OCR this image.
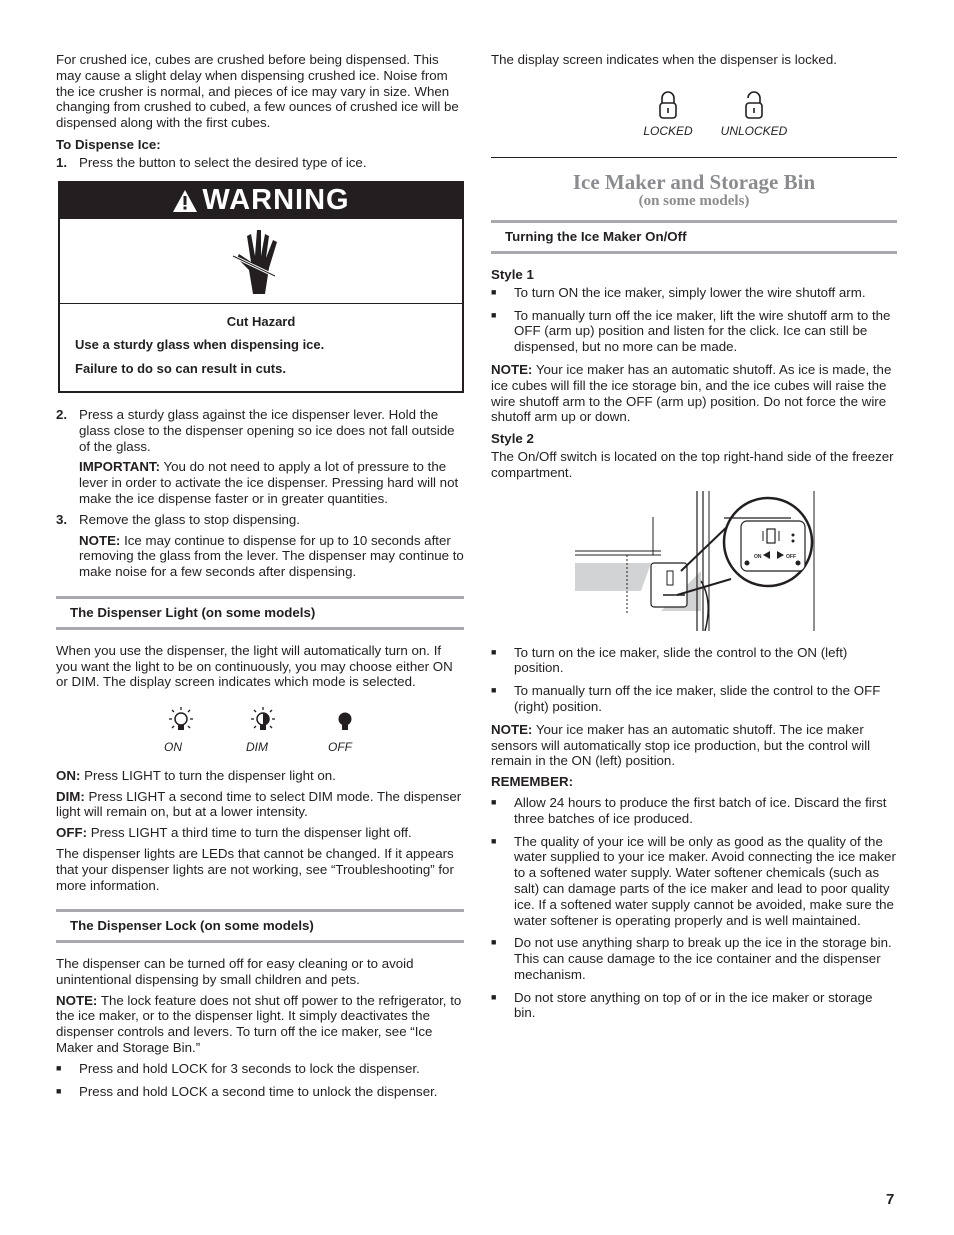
For crushed ice, cubes are crushed before being dispensed. This may cause a slight delay when dispensing crushed ice. Noise from the ice crusher is normal, and pieces of ice may vary in size. When changing from crushed to cubed, a few ounces of crushed ice will be dispensed along with the first cubes.

To Dispense Ice:
1. Press the button to select the desired type of ice.
WARNING
Cut Hazard
Use a sturdy glass when dispensing ice.
Failure to do so can result in cuts.
2. Press a sturdy glass against the ice dispenser lever. Hold the glass close to the dispenser opening so ice does not fall outside of the glass.

IMPORTANT: You do not need to apply a lot of pressure to the lever in order to activate the ice dispenser. Pressing hard will not make the ice dispense faster or in greater quantities.

3. Remove the glass to stop dispensing.

NOTE: Ice may continue to dispense for up to 10 seconds after removing the glass from the lever. The dispenser may continue to make noise for a few seconds after dispensing.

The Dispenser Light (on some models)

When you use the dispenser, the light will automatically turn on. If you want the light to be on continuously, you may choose either ON or DIM. The display screen indicates which mode is selected.

ON	DIM	OFF

ON: Press LIGHT to turn the dispenser light on.

DIM: Press LIGHT a second time to select DIM mode. The dispenser light will remain on, but at a lower intensity.

OFF: Press LIGHT a third time to turn the dispenser light off.

The dispenser lights are LEDs that cannot be changed. If it appears that your dispenser lights are not working, see “Troubleshooting” for more information.

The Dispenser Lock (on some models)

The dispenser can be turned off for easy cleaning or to avoid unintentional dispensing by small children and pets.

NOTE: The lock feature does not shut off power to the refrigerator, to the ice maker, or to the dispenser light. It simply deactivates the dispenser controls and levers. To turn off the ice maker, see “Ice Maker and Storage Bin.”

■	Press and hold LOCK for 3 seconds to lock the dispenser.
■	Press and hold LOCK a second time to unlock the dispenser.

The display screen indicates when the dispenser is locked.

LOCKED	UNLOCKED
Ice Maker and Storage Bin
(on some models)
Turning the Ice Maker On/Off
Style 1
■	To turn ON the ice maker, simply lower the wire shutoff arm.
■	To manually turn off the ice maker, lift the wire shutoff arm to the OFF (arm up) position and listen for the click. Ice can still be dispensed, but no more can be made.

NOTE: Your ice maker has an automatic shutoff. As ice is made, the ice cubes will fill the ice storage bin, and the ice cubes will raise the wire shutoff arm to the OFF (arm up) position. Do not force the wire shutoff arm up or down.

Style 2

The On/Off switch is located on the top right-hand side of the freezer compartment.

ON	OFF
■	To turn on the ice maker, slide the control to the ON (left) position.
■	To manually turn off the ice maker, slide the control to the OFF (right) position.

NOTE: Your ice maker has an automatic shutoff. The ice maker sensors will automatically stop ice production, but the control will remain in the ON (left) position.

REMEMBER:
■	Allow 24 hours to produce the first batch of ice. Discard the first three batches of ice produced.
■	The quality of your ice will be only as good as the quality of the water supplied to your ice maker. Avoid connecting the ice maker to a softened water supply. Water softener chemicals (such as salt) can damage parts of the ice maker and lead to poor quality ice. If a softened water supply cannot be avoided, make sure the water softener is operating properly and is well maintained.
■	Do not use anything sharp to break up the ice in the storage bin. This can cause damage to the ice container and the dispenser mechanism.
■	Do not store anything on top of or in the ice maker or storage bin.
7
